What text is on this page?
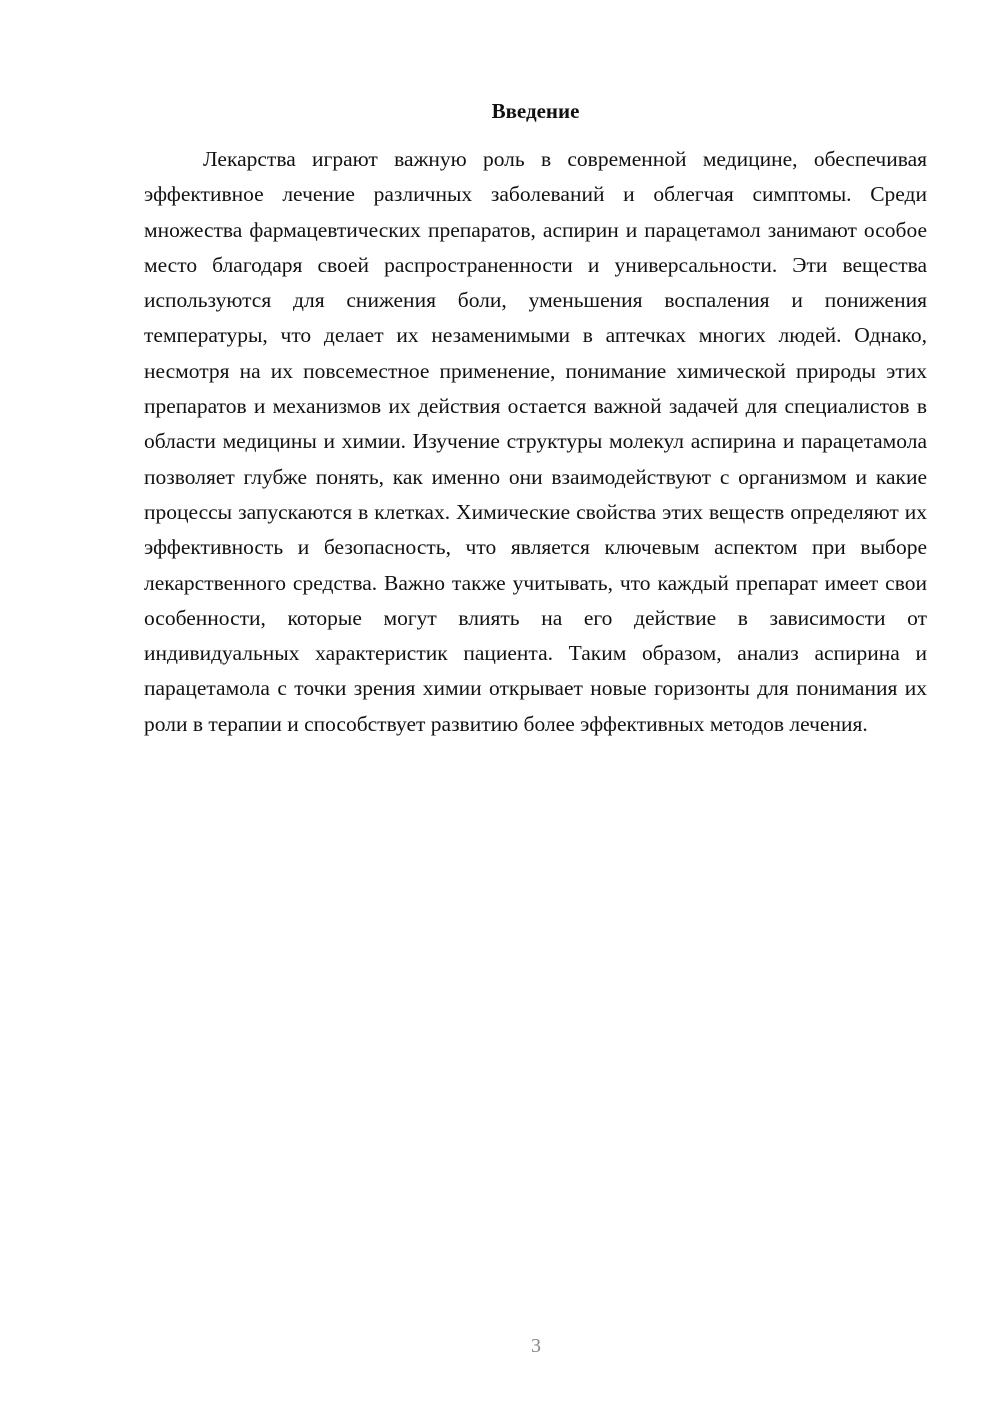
Введение

Лекарства играют важную роль в современной медицине, обеспечивая эффективное лечение различных заболеваний и облегчая симптомы. Среди множества фармацевтических препаратов, аспирин и парацетамол занимают особое место благодаря своей распространенности и универсальности. Эти вещества используются для снижения боли, уменьшения воспаления и понижения температуры, что делает их незаменимыми в аптечках многих людей. Однако, несмотря на их повсеместное применение, понимание химической природы этих препаратов и механизмов их действия остается важной задачей для специалистов в области медицины и химии. Изучение структуры молекул аспирина и парацетамола позволяет глубже понять, как именно они взаимодействуют с организмом и какие процессы запускаются в клетках. Химические свойства этих веществ определяют их эффективность и безопасность, что является ключевым аспектом при выборе лекарственного средства. Важно также учитывать, что каждый препарат имеет свои особенности, которые могут влиять на его действие в зависимости от индивидуальных характеристик пациента. Таким образом, анализ аспирина и парацетамола с точки зрения химии открывает новые горизонты для понимания их роли в терапии и способствует развитию более эффективных методов лечения.

3
